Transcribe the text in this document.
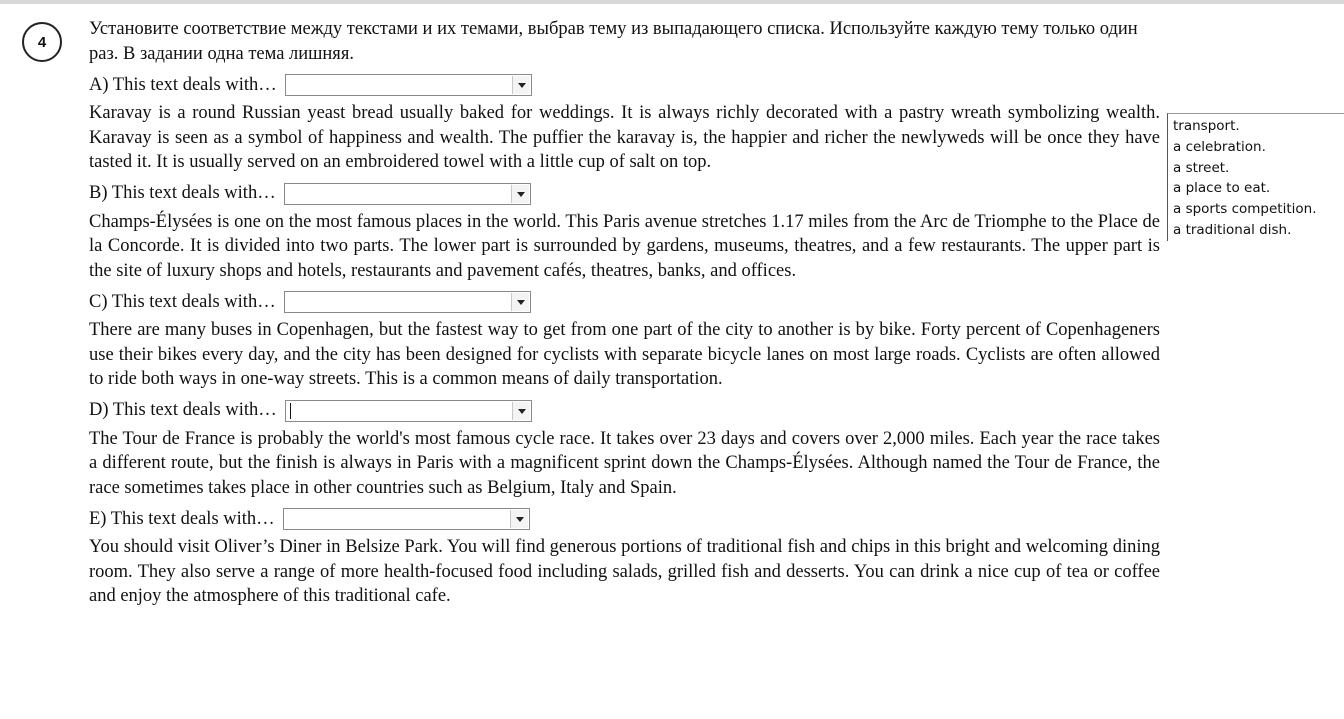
4

Установите соответствие между текстами и их темами, выбрав тему из выпадающего списка. Используйте каждую тему только один раз. В задании одна тема лишняя.

A) This text deals with…

Karavay is a round Russian yeast bread usually baked for weddings. It is always richly decorated with a pastry wreath symbolizing wealth. Karavay is seen as a symbol of happiness and wealth. The puffier the karavay is, the happier and richer the newlyweds will be once they have tasted it. It is usually served on an embroidered towel with a little cup of salt on top.

B) This text deals with…

Champs-Élysées is one on the most famous places in the world. This Paris avenue stretches 1.17 miles from the Arc de Triomphe to the Place de la Concorde. It is divided into two parts. The lower part is surrounded by gardens, museums, theatres, and a few restaurants. The upper part is the site of luxury shops and hotels, restaurants and pavement cafés, theatres, banks, and offices.

C) This text deals with…

There are many buses in Copenhagen, but the fastest way to get from one part of the city to another is by bike. Forty percent of Copenhageners use their bikes every day, and the city has been designed for cyclists with separate bicycle lanes on most large roads. Cyclists are often allowed to ride both ways in one-way streets. This is a common means of daily transportation.

D) This text deals with…

The Tour de France is probably the world's most famous cycle race. It takes over 23 days and covers over 2,000 miles. Each year the race takes a different route, but the finish is always in Paris with a magnificent sprint down the Champs-Élysées. Although named the Tour de France, the race sometimes takes place in other countries such as Belgium, Italy and Spain.

E) This text deals with…

You should visit Oliver’s Diner in Belsize Park. You will find generous portions of traditional fish and chips in this bright and welcoming dining room. They also serve a range of more health-focused food including salads, grilled fish and desserts. You can drink a nice cup of tea or coffee and enjoy the atmosphere of this traditional cafe.

transport.
a celebration.
a street.
a place to eat.
a sports competition.
a traditional dish.
